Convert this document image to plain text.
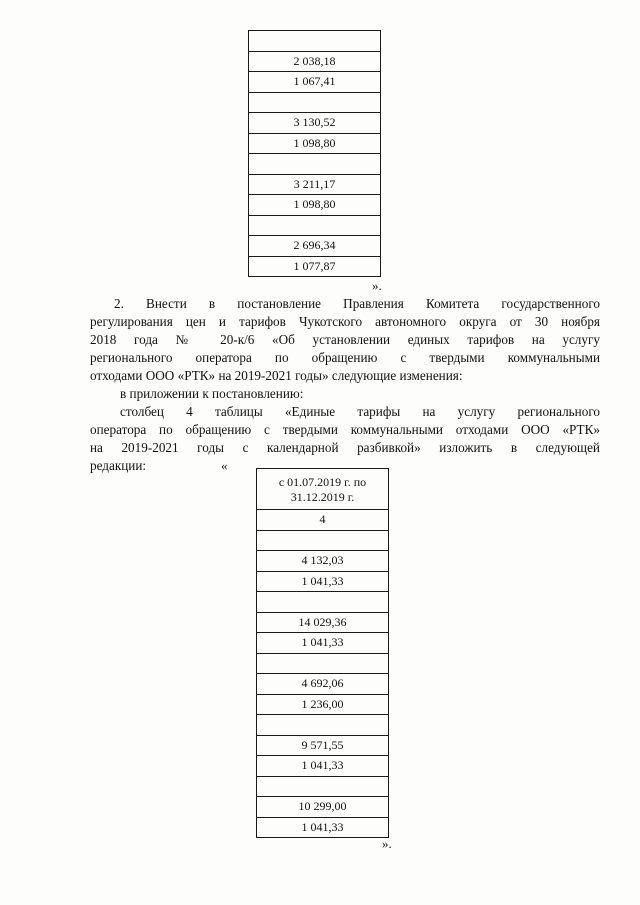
2 038,18
1 067,41

3 130,52
1 098,80

3 211,17
1 098,80

2 696,34
1 077,87
».

2. Внести в постановление Правления Комитета государственного

регулирования цен и тарифов Чукотского автономного округа от 30 ноября

2018 года № 20-к/6 «Об установлении единых тарифов на услугу

регионального оператора по обращению с твердыми коммунальными

отходами ООО «РТК» на 2019-2021 годы» следующие изменения:

в приложении к постановлению:

столбец 4 таблицы «Единые тарифы на услугу регионального

оператора по обращению с твердыми коммунальными отходами ООО «РТК»

на 2019-2021 годы с календарной разбивкой» изложить в следующей

редакции:	«
с 01.07.2019 г. по 31.12.2019 г.
4

4 132,03
1 041,33

14 029,36
1 041,33

4 692,06
1 236,00

9 571,55
1 041,33

10 299,00
1 041,33
».
